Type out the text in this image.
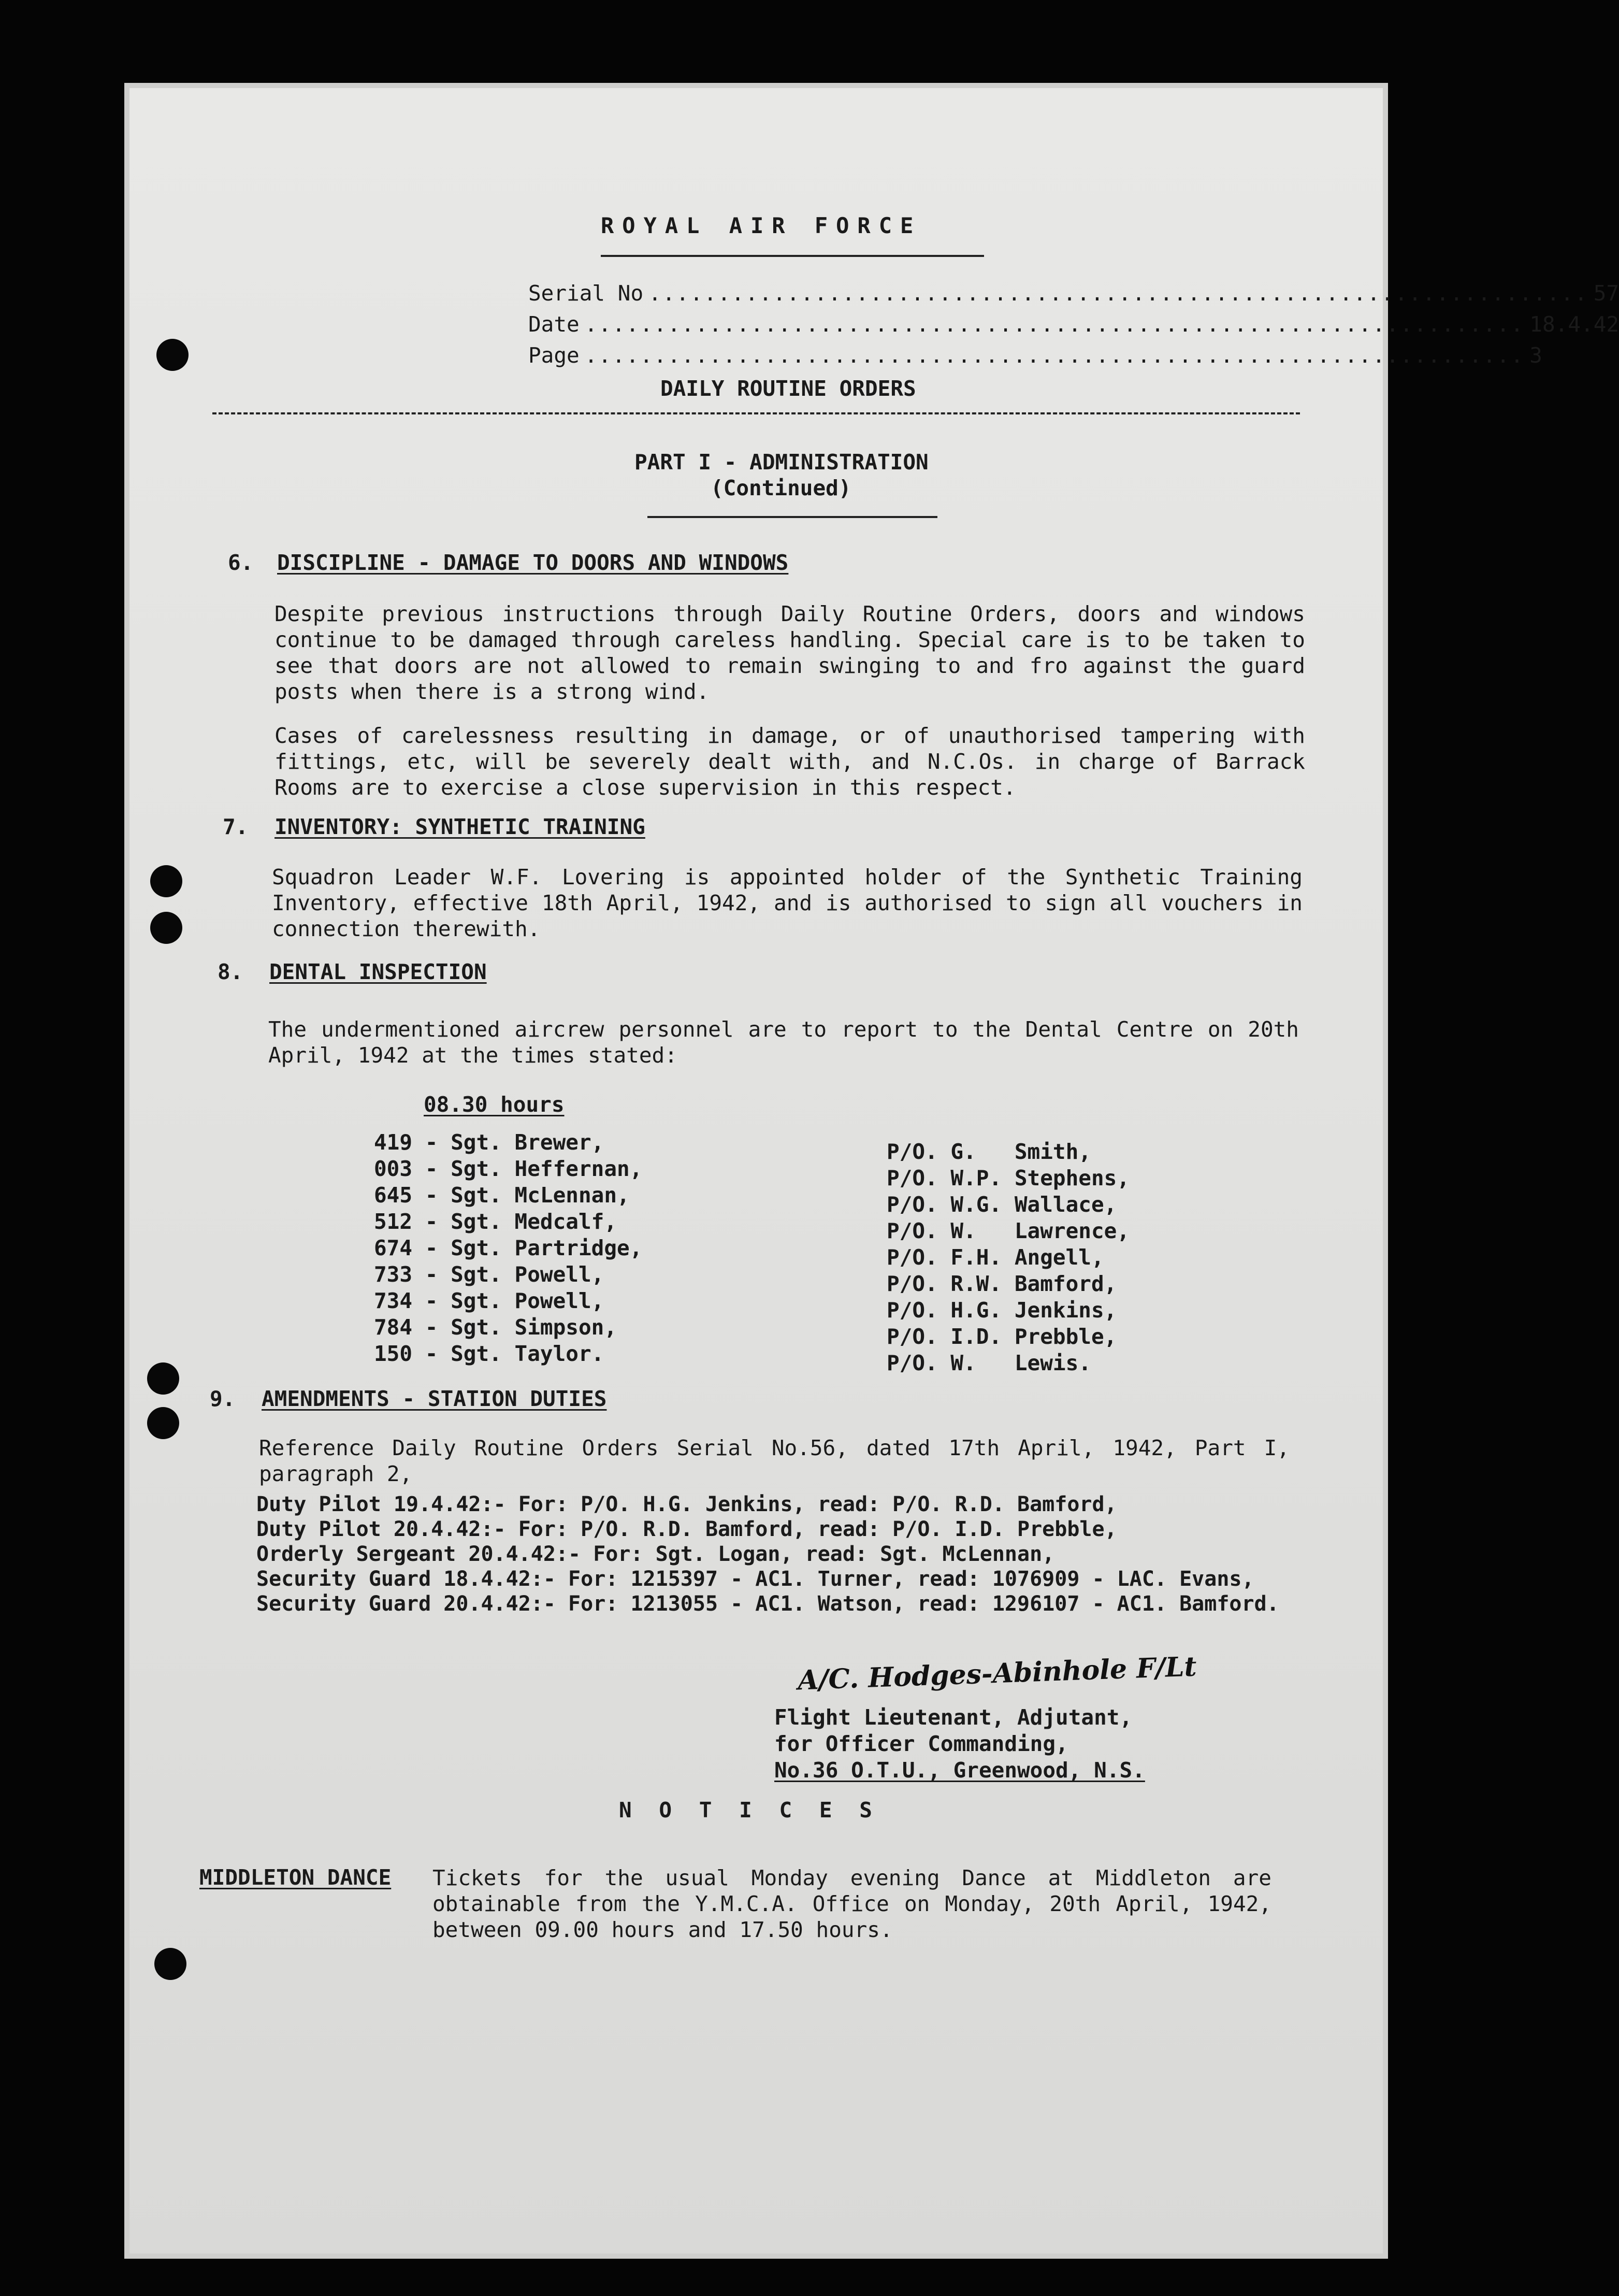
ROYAL AIR FORCE
Serial No .................................................................... 57
Date .................................................................... 18.4.42
Page .................................................................... 3
DAILY ROUTINE ORDERS
PART I - ADMINISTRATION
(Continued)
6. DISCIPLINE - DAMAGE TO DOORS AND WINDOWS
Despite previous instructions through Daily Routine Orders, doors and windows continue to be damaged through careless handling. Special care is to be taken to see that doors are not allowed to remain swinging to and fro against the guard posts when there is a strong wind.
Cases of carelessness resulting in damage, or of unauthorised tampering with fittings, etc, will be severely dealt with, and N.C.Os. in charge of Barrack Rooms are to exercise a close supervision in this respect.
7. INVENTORY: SYNTHETIC TRAINING
Squadron Leader W.F. Lovering is appointed holder of the Synthetic Training Inventory, effective 18th April, 1942, and is authorised to sign all vouchers in connection therewith.
8. DENTAL INSPECTION
The undermentioned aircrew personnel are to report to the Dental Centre on 20th April, 1942 at the times stated:
08.30 hours
419 - Sgt. Brewer,
003 - Sgt. Heffernan,
645 - Sgt. McLennan,
512 - Sgt. Medcalf,
674 - Sgt. Partridge,
733 - Sgt. Powell,
734 - Sgt. Powell,
784 - Sgt. Simpson,
150 - Sgt. Taylor.
P/O. G.   Smith,
P/O. W.P. Stephens,
P/O. W.G. Wallace,
P/O. W.   Lawrence,
P/O. F.H. Angell,
P/O. R.W. Bamford,
P/O. H.G. Jenkins,
P/O. I.D. Prebble,
P/O. W.   Lewis.
9. AMENDMENTS - STATION DUTIES
Reference Daily Routine Orders Serial No.56, dated 17th April, 1942, Part I, paragraph 2,
Duty Pilot 19.4.42:- For: P/O. H.G. Jenkins, read: P/O. R.D. Bamford,
Duty Pilot 20.4.42:- For: P/O. R.D. Bamford, read: P/O. I.D. Prebble,
Orderly Sergeant 20.4.42:- For: Sgt. Logan, read: Sgt. McLennan,
Security Guard 18.4.42:- For: 1215397 - AC1. Turner, read: 1076909 - LAC. Evans,
Security Guard 20.4.42:- For: 1213055 - AC1. Watson, read: 1296107 - AC1. Bamford.
A/C. Hodges-Abinhole F/Lt
Flight Lieutenant, Adjutant,
for Officer Commanding,
No.36 O.T.U., Greenwood, N.S.
N O T I C E S
MIDDLETON DANCE Tickets for the usual Monday evening Dance at Middleton are obtainable from the Y.M.C.A. Office on Monday, 20th April, 1942, between 09.00 hours and 17.50 hours.
